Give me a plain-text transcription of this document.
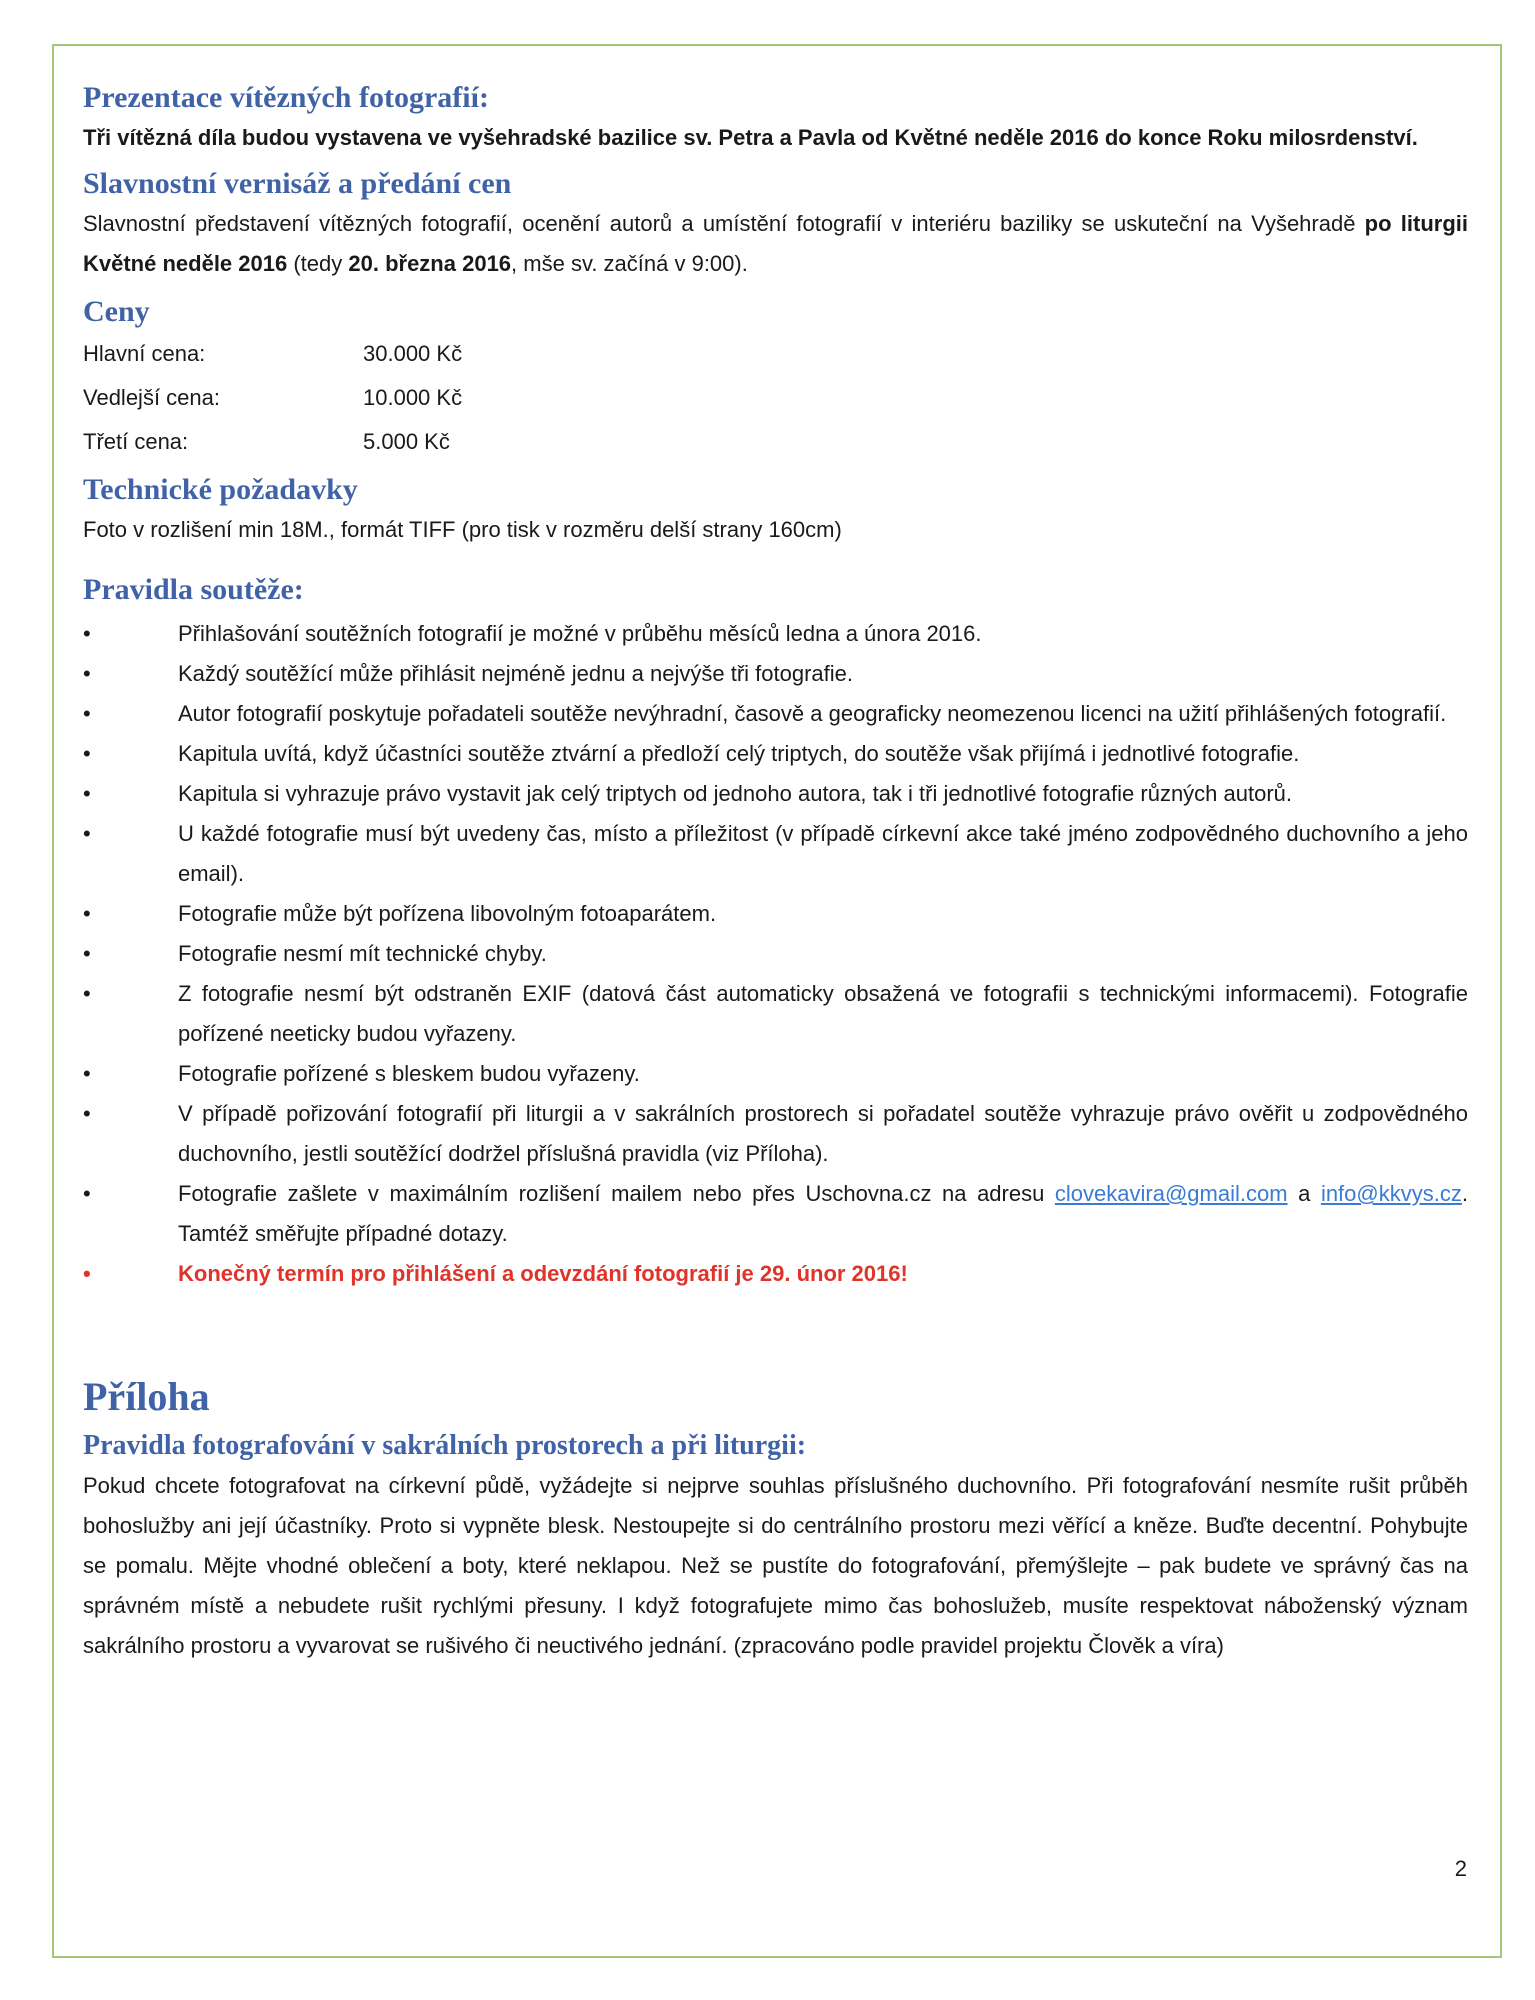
Prezentace vítězných fotografií:

Tři vítězná díla budou vystavena ve vyšehradské bazilice sv. Petra a Pavla od Květné neděle 2016 do konce Roku milosrdenství.

Slavnostní vernisáž a předání cen

Slavnostní představení vítězných fotografií, ocenění autorů a umístění fotografií v interiéru baziliky se uskuteční na Vyšehradě po liturgii Květné neděle 2016 (tedy 20. března 2016, mše sv. začíná v 9:00).

Ceny
Hlavní cena:	30.000 Kč
Vedlejší cena:	10.000 Kč
Třetí cena:	5.000 Kč
Technické požadavky

Foto v rozlišení min 18M., formát TIFF (pro tisk v rozměru delší strany 160cm)

Pravidla soutěže:
• Přihlašování soutěžních fotografií je možné v průběhu měsíců ledna a února 2016.
• Každý soutěžící může přihlásit nejméně jednu a nejvýše tři fotografie.
• Autor fotografií poskytuje pořadateli soutěže nevýhradní, časově a geograficky neomezenou licenci na užití přihlášených fotografií.
• Kapitula uvítá, když účastníci soutěže ztvární a předloží celý triptych, do soutěže však přijímá i jednotlivé fotografie.
• Kapitula si vyhrazuje právo vystavit jak celý triptych od jednoho autora, tak i tři jednotlivé fotografie různých autorů.
• U každé fotografie musí být uvedeny čas, místo a příležitost (v případě církevní akce také jméno zodpovědného duchovního a jeho email).
• Fotografie může být pořízena libovolným fotoaparátem.
• Fotografie nesmí mít technické chyby.
• Z fotografie nesmí být odstraněn EXIF (datová část automaticky obsažená ve fotografii s technickými informacemi). Fotografie pořízené neeticky budou vyřazeny.
• Fotografie pořízené s bleskem budou vyřazeny.
• V případě pořizování fotografií při liturgii a v sakrálních prostorech si pořadatel soutěže vyhrazuje právo ověřit u zodpovědného duchovního, jestli soutěžící dodržel příslušná pravidla (viz Příloha).
• Fotografie zašlete v maximálním rozlišení mailem nebo přes Uschovna.cz na adresu clovekavira@gmail.com a info@kkvys.cz. Tamtéž směřujte případné dotazy.
• Konečný termín pro přihlášení a odevzdání fotografií je 29. únor 2016!
Příloha
Pravidla fotografování v sakrálních prostorech a při liturgii:

Pokud chcete fotografovat na církevní půdě, vyžádejte si nejprve souhlas příslušného duchovního. Při fotografování nesmíte rušit průběh bohoslužby ani její účastníky. Proto si vypněte blesk. Nestoupejte si do centrálního prostoru mezi věřící a kněze. Buďte decentní. Pohybujte se pomalu. Mějte vhodné oblečení a boty, které neklapou. Než se pustíte do fotografování, přemýšlejte – pak budete ve správný čas na správném místě a nebudete rušit rychlými přesuny. I když fotografujete mimo čas bohoslužeb, musíte respektovat náboženský význam sakrálního prostoru a vyvarovat se rušivého či neuctivého jednání. (zpracováno podle pravidel projektu Člověk a víra)

2
